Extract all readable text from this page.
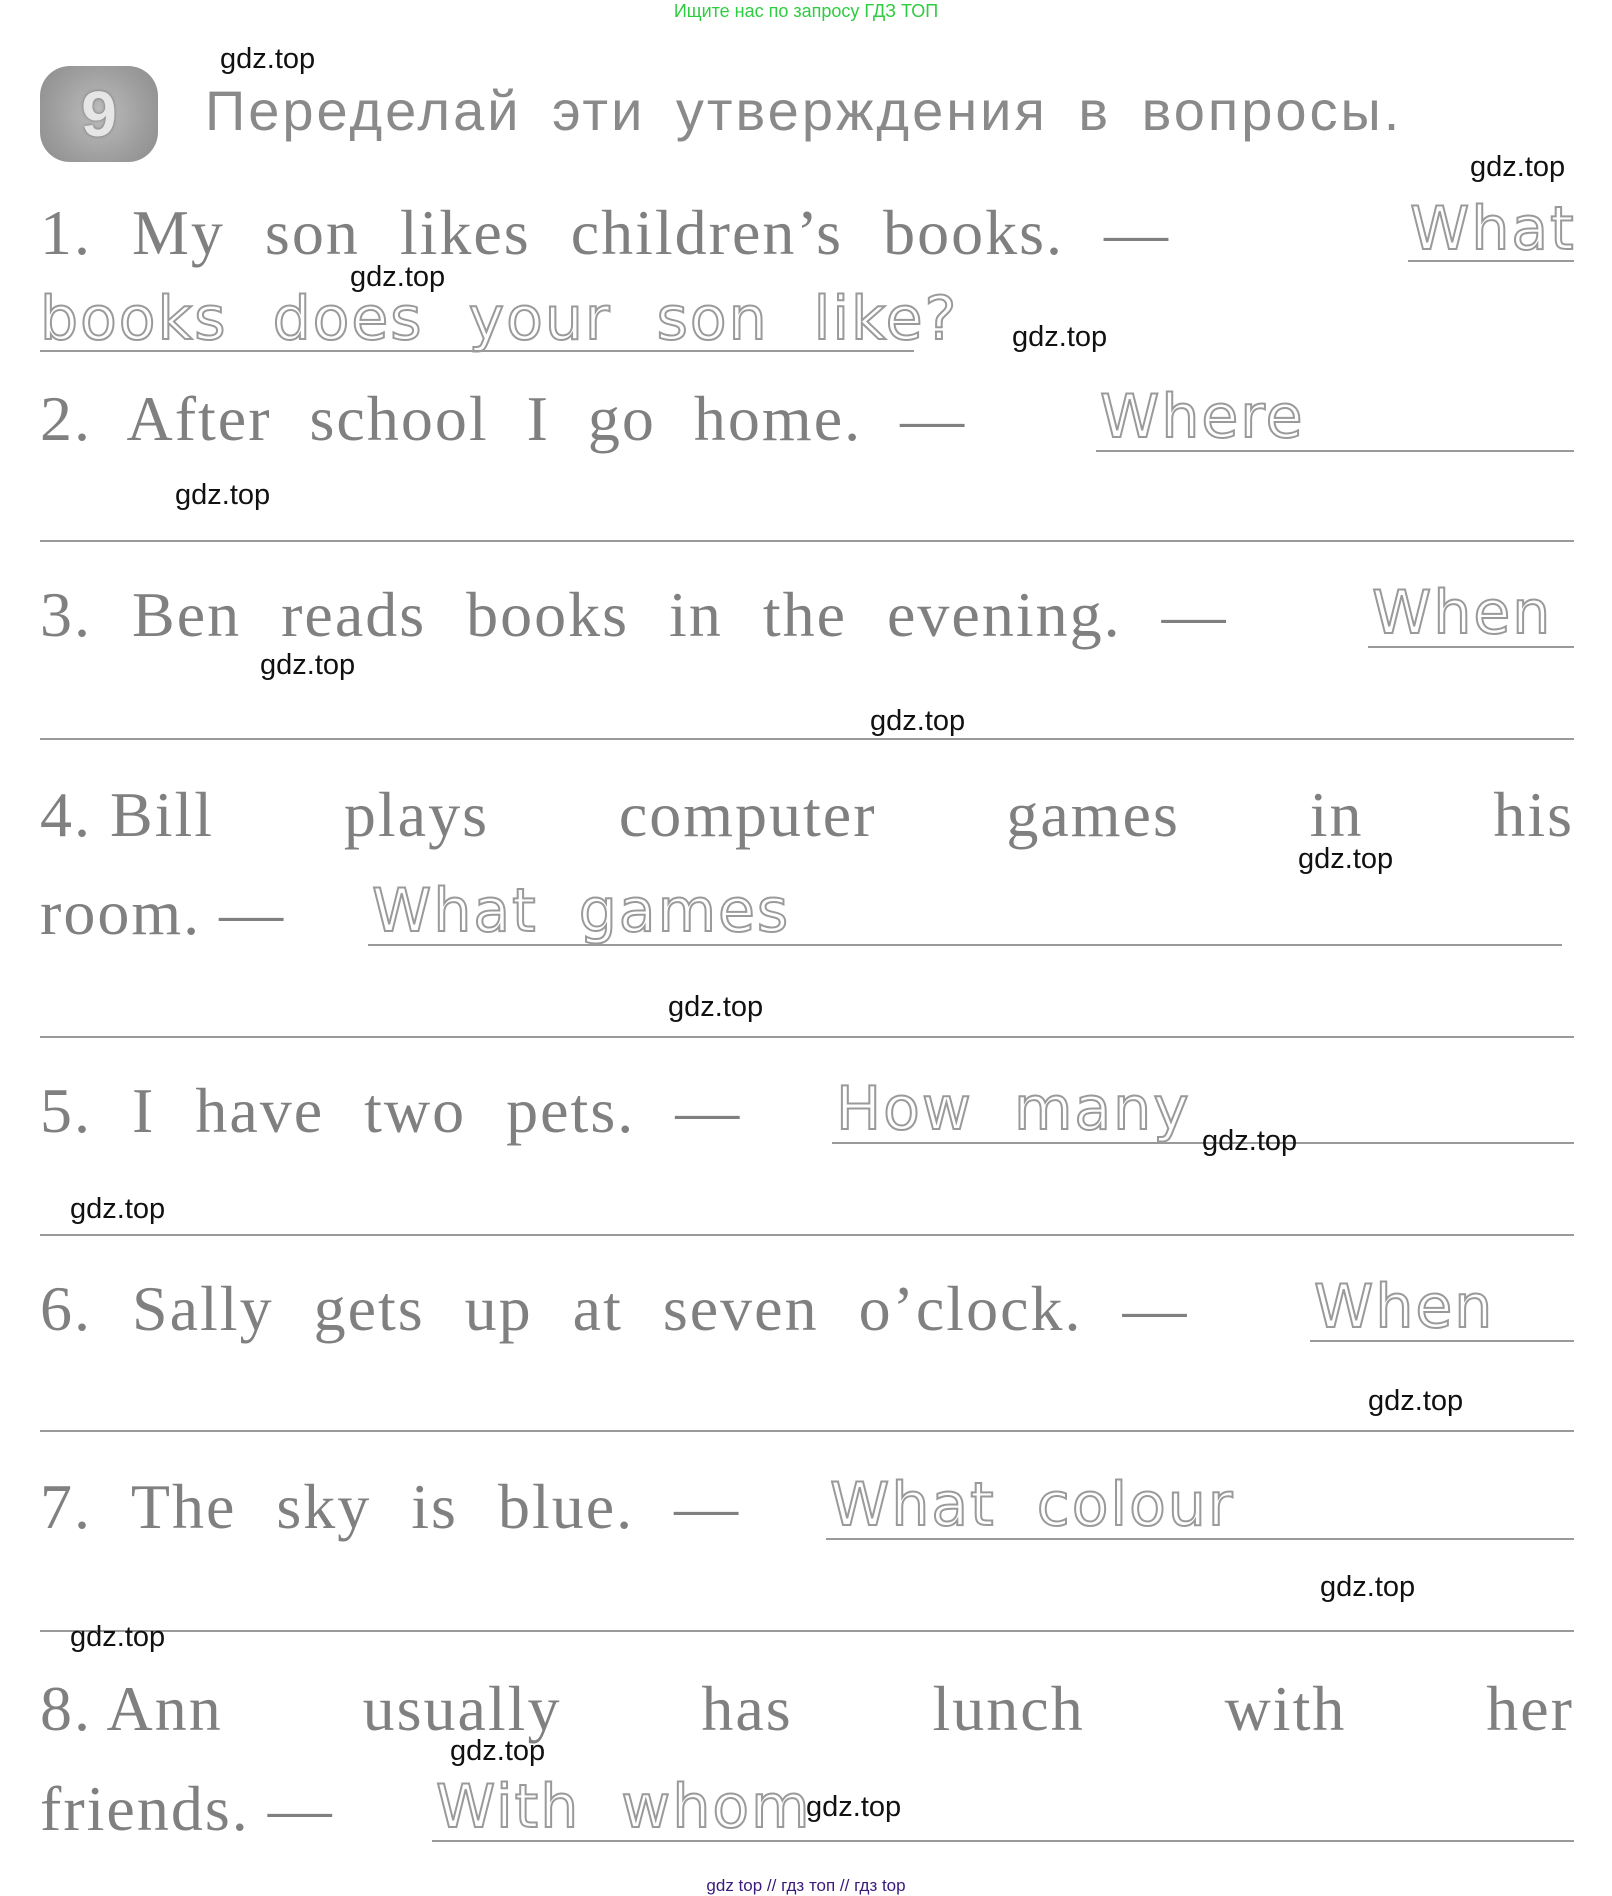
Ищите нас по запросу ГДЗ ТОП
9 Переделай эти утверждения в вопросы.
1. My son likes children’s books. —	What
books does your son like?
2. After school I go home. — Where
3. Ben reads books in the evening. — When
4. Bill plays computer games in his
room. — What games
5. I have two pets. — How many
6. Sally gets up at seven o’clock. — When
7. The sky is blue. — What colour
8. Ann usually has lunch with her
friends. — With whom
gdz.top
gdz.top
gdz.top
gdz.top
gdz.top
gdz.top
gdz.top
gdz.top
gdz.top
gdz.top
gdz.top
gdz.top
gdz.top
gdz.top
gdz.top
gdz.top
gdz top // гдз топ // гдз top
